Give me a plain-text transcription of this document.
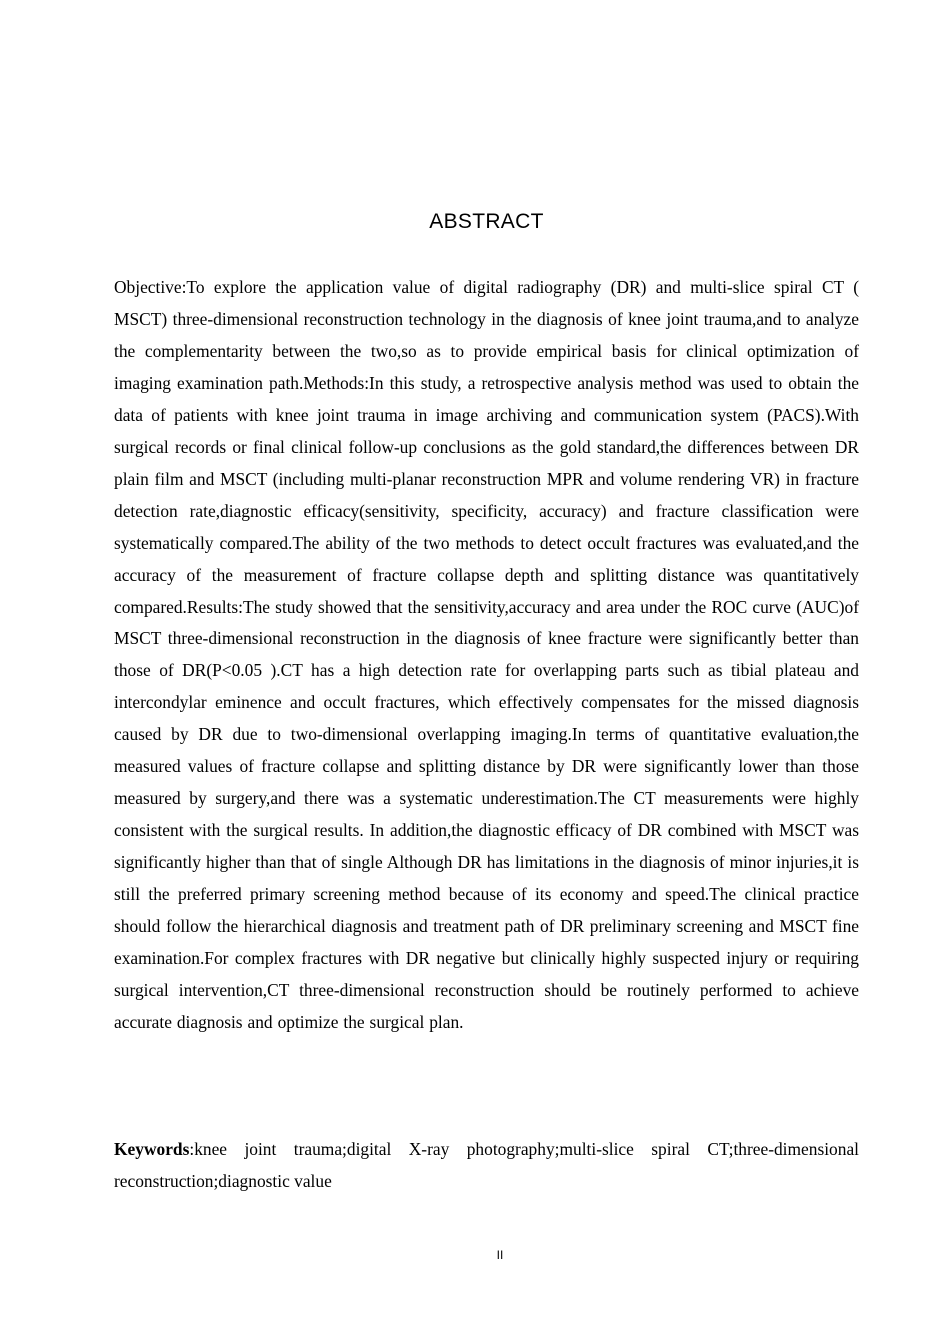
ABSTRACT

Objective:To explore the application value of digital radiography (DR) and multi-slice spiral CT ( MSCT) three-dimensional reconstruction technology in the diagnosis of knee joint trauma,and to analyze the complementarity between the two,so as to provide empirical basis for clinical optimization of imaging examination path.Methods:In this study, a retrospective analysis method was used to obtain the data of patients with knee joint trauma in image archiving and communication system (PACS).With surgical records or final clinical follow-up conclusions as the gold standard,the differences between DR plain film and MSCT (including multi-planar reconstruction MPR and volume rendering VR) in fracture detection rate,diagnostic efficacy(sensitivity, specificity, accuracy) and fracture classification were systematically compared.The ability of the two methods to detect occult fractures was evaluated,and the accuracy of the measurement of fracture collapse depth and splitting distance was quantitatively compared.Results:The study showed that the sensitivity,accuracy and area under the ROC curve (AUC)of MSCT three-dimensional reconstruction in the diagnosis of knee fracture were significantly better than those of DR(P<0.05 ).CT has a high detection rate for overlapping parts such as tibial plateau and intercondylar eminence and occult fractures, which effectively compensates for the missed diagnosis caused by DR due to two-dimensional overlapping imaging.In terms of quantitative evaluation,the measured values of fracture collapse and splitting distance by DR were significantly lower than those measured by surgery,and there was a systematic underestimation.The CT measurements were highly consistent with the surgical results. In addition,the diagnostic efficacy of DR combined with MSCT was significantly higher than that of single Although DR has limitations in the diagnosis of minor injuries,it is still the preferred primary screening method because of its economy and speed.The clinical practice should follow the hierarchical diagnosis and treatment path of DR preliminary screening and MSCT fine examination.For complex fractures with DR negative but clinically highly suspected injury or requiring surgical intervention,CT three-dimensional reconstruction should be routinely performed to achieve accurate diagnosis and optimize the surgical plan.

Keywords:knee joint trauma;digital X-ray photography;multi-slice spiral CT;three-dimensional reconstruction;diagnostic value

II
